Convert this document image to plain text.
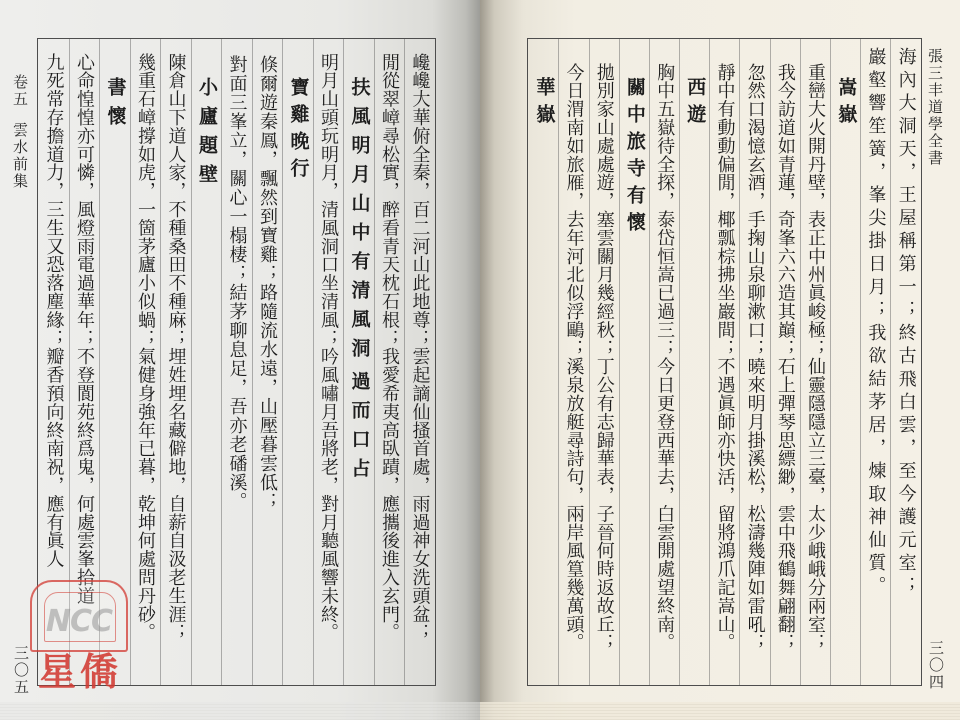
卷五雲水前集	巉巉大華俯全秦，百二河山此地尊；雲起謫仙搔首處，雨過神女洗頭盆；
閒從翠嶂尋松實，醉看青天枕石根；我愛希夷高臥蹟，應攜後進入玄門。
扶風明月山中有清風洞過而口占
明月山頭玩明月，清風洞口坐清風；吟風嘯月吾將老，對月聽風響未終。
寶雞晚行
倏爾遊秦鳳，飄然到寶雞；路隨流水遠，山壓暮雲低；
對面三峯立，關心一榻棲；結茅聊息足，吾亦老磻溪。
小廬題壁
陳倉山下道人家，不種桑田不種麻；埋姓埋名藏僻地，自薪自汲老生涯；
幾重石嶂撐如虎，一箇茅廬小似蝸；氣健身強年已暮，乾坤何處問丹砂。
書懷
心命惶惶亦可憐，風燈雨電過華年；不登閬苑終爲鬼，何處雲峯拾道
九死常存擔道力，三生又恐落塵緣；瓣香預向終南祝，應有眞人
三〇五
海內大洞天，王屋稱第一；終古飛白雲，至今護元室；
巖壑響笙簧，峯尖掛日月；我欲結茅居，煉取神仙質。
嵩嶽
重巒大火開丹壁，表正中州眞峻極；仙靈隱隱立三臺，太少峨峨分兩室；
我今訪道如青蓮，奇峯六六造其巔；石上彈琴思縹緲，雲中飛鶴舞翩翻；
忽然口渴憶玄酒，手掬山泉聊漱口；曉來明月掛溪松，松濤幾陣如雷吼；
靜中有動動偏閒，椰瓢棕拂坐巖間；不遇眞師亦快活，留將鴻爪記嵩山。
西遊
胸中五嶽待全探，泰岱恒嵩已過三；今日更登西華去，白雲開處望終南。
關中旅寺有懷
拋別家山處處遊，塞雲關月幾經秋；丁公有志歸華表，子晉何時返故丘；
今日渭南如旅雁，去年河北似浮鷗；溪泉放艇尋詩句，兩岸風篁幾萬頭。
華嶽	張三丰道學全書
三〇四
NCC
星僑
